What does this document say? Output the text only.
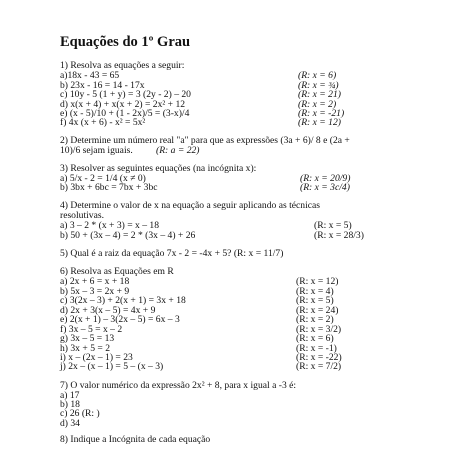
Equações do 1º Grau
1) Resolva as equações a seguir:
a)18x - 43 = 65	(R: x = 6)
b) 23x - 16 = 14 - 17x	(R: x = ¾)
c) 10y - 5 (1 + y) = 3 (2y - 2) – 20	(R: x = 21)
d) x(x + 4) + x(x + 2) = 2x² + 12	(R: x = 2)
e) (x - 5)/10 + (1 - 2x)/5 = (3-x)/4	(R: x = -21)
f) 4x (x + 6) - x² = 5x²	(R: x = 12)
2) Determine um número real "a" para que as expressões (3a + 6)/ 8 e (2a +
10)/6 sejam iguais. (R: a = 22)
3) Resolver as seguintes equações (na incógnita x):
a) 5/x - 2 = 1/4 (x ≠ 0)	(R: x = 20/9)
b) 3bx + 6bc = 7bx + 3bc	(R: x = 3c/4)
4) Determine o valor de x na equação a seguir aplicando as técnicas
resolutivas.
a) 3 – 2 * (x + 3) = x – 18	(R: x = 5)
b) 50 + (3x – 4) = 2 * (3x – 4) + 26	(R: x = 28/3)
5) Qual é a raiz da equação 7x - 2 = -4x + 5? (R: x = 11/7)
6) Resolva as Equações em R
a) 2x + 6 = x + 18	(R: x = 12)
b) 5x – 3 = 2x + 9	(R: x = 4)
c) 3(2x – 3) + 2(x + 1) = 3x + 18	(R: x = 5)
d) 2x + 3(x – 5) = 4x + 9	(R: x = 24)
e) 2(x + 1) – 3(2x – 5) = 6x – 3	(R: x = 2)
f) 3x – 5 = x – 2	(R: x = 3/2)
g) 3x – 5 = 13	(R: x = 6)
h) 3x + 5 = 2	(R: x = -1)
i) x – (2x – 1) = 23	(R: x = -22)
j) 2x – (x – 1) = 5 – (x – 3)	(R: x = 7/2)
7) O valor numérico da expressão 2x² + 8, para x igual a -3 é:
a) 17
b) 18
c) 26 (R: )
d) 34
8) Indique a Incógnita de cada equação
